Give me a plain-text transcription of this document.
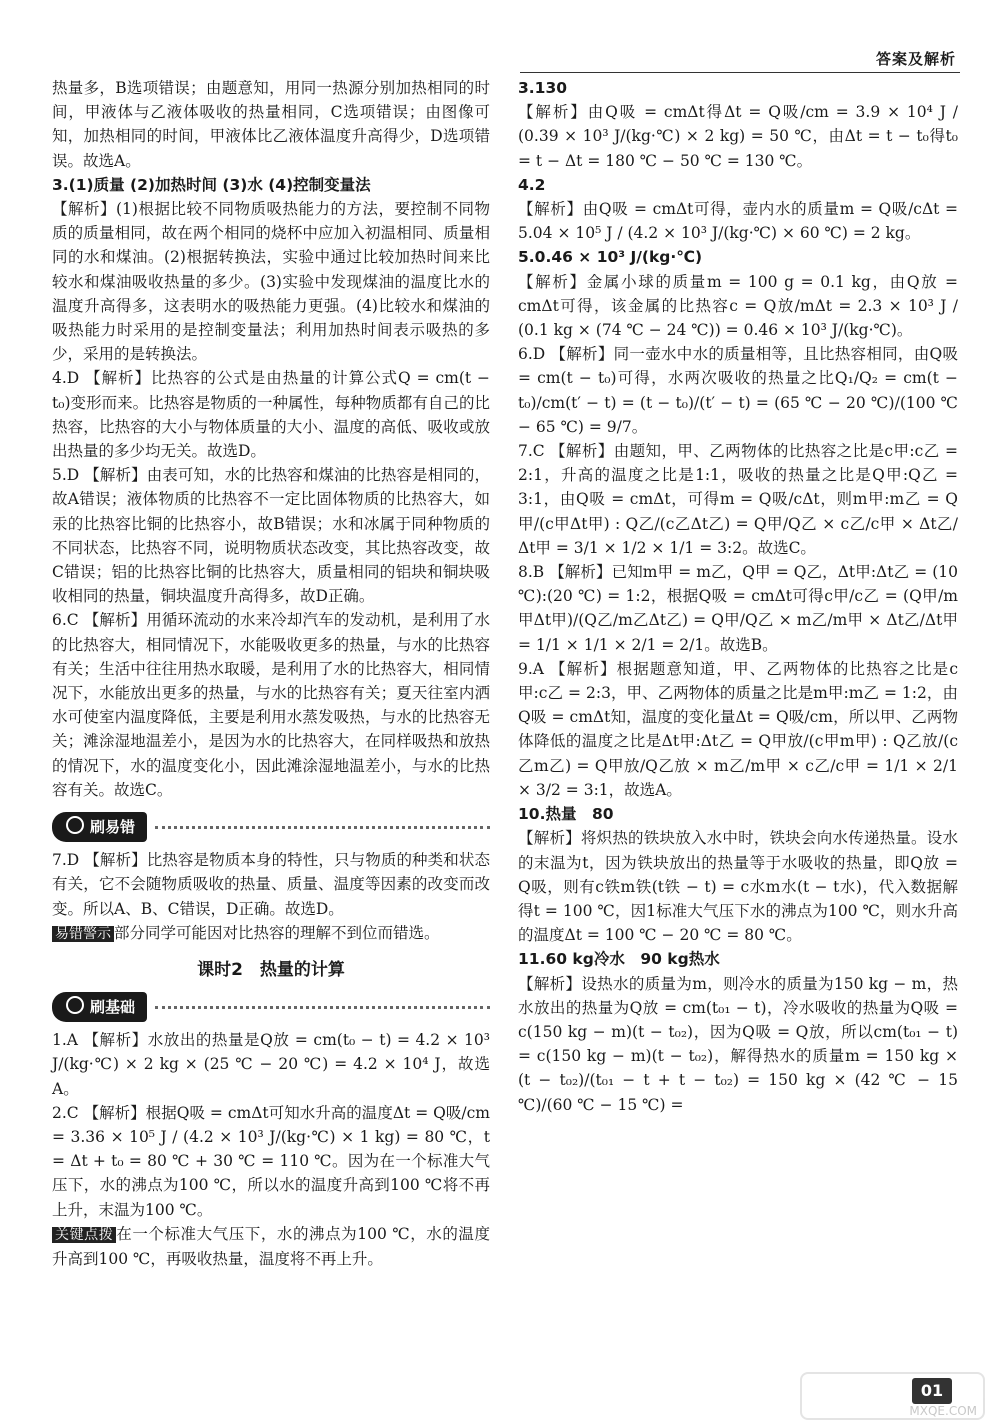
答案及解析

热量多，B选项错误；由题意知，用同一热源分别加热相同的时间，甲液体与乙液体吸收的热量相同，C选项错误；由图像可知，加热相同的时间，甲液体比乙液体温度升高得少，D选项错误。故选A。

3.(1)质量 (2)加热时间 (3)水 (4)控制变量法

【解析】(1)根据比较不同物质吸热能力的方法，要控制不同物质的质量相同，故在两个相同的烧杯中应加入初温相同、质量相同的水和煤油。(2)根据转换法，实验中通过比较加热时间来比较水和煤油吸收热量的多少。(3)实验中发现煤油的温度比水的温度升高得多，这表明水的吸热能力更强。(4)比较水和煤油的吸热能力时采用的是控制变量法；利用加热时间表示吸热的多少，采用的是转换法。

4.D 【解析】比热容的公式是由热量的计算公式Q = cm(t − t₀)变形而来。比热容是物质的一种属性，每种物质都有自己的比热容，比热容的大小与物体质量的大小、温度的高低、吸收或放出热量的多少均无关。故选D。

5.D 【解析】由表可知，水的比热容和煤油的比热容是相同的，故A错误；液体物质的比热容不一定比固体物质的比热容大，如汞的比热容比铜的比热容小，故B错误；水和冰属于同种物质的不同状态，比热容不同，说明物质状态改变，其比热容改变，故C错误；铝的比热容比铜的比热容大，质量相同的铝块和铜块吸收相同的热量，铜块温度升高得多，故D正确。

6.C 【解析】用循环流动的水来冷却汽车的发动机，是利用了水的比热容大，相同情况下，水能吸收更多的热量，与水的比热容有关；生活中往往用热水取暖，是利用了水的比热容大，相同情况下，水能放出更多的热量，与水的比热容有关；夏天往室内洒水可使室内温度降低，主要是利用水蒸发吸热，与水的比热容无关；滩涂湿地温差小，是因为水的比热容大，在同样吸热和放热的情况下，水的温度变化小，因此滩涂湿地温差小，与水的比热容有关。故选C。

刷易错

7.D 【解析】比热容是物质本身的特性，只与物质的种类和状态有关，它不会随物质吸收的热量、质量、温度等因素的改变而改变。所以A、B、C错误，D正确。故选D。

易错警示 部分同学可能因对比热容的理解不到位而错选。

课时2　热量的计算
刷基础

1.A 【解析】水放出的热量是Q放 = cm(t₀ − t) = 4.2 × 10³ J/(kg·℃) × 2 kg × (25 ℃ − 20 ℃) = 4.2 × 10⁴ J，故选A。

2.C 【解析】根据Q吸 = cmΔt可知水升高的温度Δt = Q吸/cm = 3.36 × 10⁵ J / (4.2 × 10³ J/(kg·℃) × 1 kg) = 80 ℃，t = Δt + t₀ = 80 ℃ + 30 ℃ = 110 ℃。因为在一个标准大气压下，水的沸点为100 ℃，所以水的温度升高到100 ℃将不再上升，末温为100 ℃。

关键点拨 在一个标准大气压下，水的沸点为100 ℃，水的温度升高到100 ℃，再吸收热量，温度将不再上升。

3.130

【解析】由Q吸 = cmΔt得Δt = Q吸/cm = 3.9 × 10⁴ J / (0.39 × 10³ J/(kg·℃) × 2 kg) = 50 ℃，由Δt = t − t₀得t₀ = t − Δt = 180 ℃ − 50 ℃ = 130 ℃。

4.2

【解析】由Q吸 = cmΔt可得，壶内水的质量m = Q吸/cΔt = 5.04 × 10⁵ J / (4.2 × 10³ J/(kg·℃) × 60 ℃) = 2 kg。

5.0.46 × 10³ J/(kg·℃)

【解析】金属小球的质量m = 100 g = 0.1 kg，由Q放 = cmΔt可得，该金属的比热容c = Q放/mΔt = 2.3 × 10³ J / (0.1 kg × (74 ℃ − 24 ℃)) = 0.46 × 10³ J/(kg·℃)。

6.D 【解析】同一壶水中水的质量相等，且比热容相同，由Q吸 = cm(t − t₀)可得，水两次吸收的热量之比Q₁/Q₂ = cm(t − t₀)/cm(t′ − t) = (t − t₀)/(t′ − t) = (65 ℃ − 20 ℃)/(100 ℃ − 65 ℃) = 9/7。

7.C 【解析】由题知，甲、乙两物体的比热容之比是c甲:c乙 = 2:1，升高的温度之比是1:1，吸收的热量之比是Q甲:Q乙 = 3:1，由Q吸 = cmΔt，可得m = Q吸/cΔt，则m甲:m乙 = Q甲/(c甲Δt甲) : Q乙/(c乙Δt乙) = Q甲/Q乙 × c乙/c甲 × Δt乙/Δt甲 = 3/1 × 1/2 × 1/1 = 3:2。故选C。

8.B 【解析】已知m甲 = m乙，Q甲 = Q乙，Δt甲:Δt乙 = (10 ℃):(20 ℃) = 1:2，根据Q吸 = cmΔt可得c甲/c乙 = (Q甲/m甲Δt甲)/(Q乙/m乙Δt乙) = Q甲/Q乙 × m乙/m甲 × Δt乙/Δt甲 = 1/1 × 1/1 × 2/1 = 2/1。故选B。

9.A 【解析】根据题意知道，甲、乙两物体的比热容之比是c甲:c乙 = 2:3，甲、乙两物体的质量之比是m甲:m乙 = 1:2，由Q吸 = cmΔt知，温度的变化量Δt = Q吸/cm，所以甲、乙两物体降低的温度之比是Δt甲:Δt乙 = Q甲放/(c甲m甲) : Q乙放/(c乙m乙) = Q甲放/Q乙放 × m乙/m甲 × c乙/c甲 = 1/1 × 2/1 × 3/2 = 3:1，故选A。

10.热量　80

【解析】将炽热的铁块放入水中时，铁块会向水传递热量。设水的末温为t，因为铁块放出的热量等于水吸收的热量，即Q放 = Q吸，则有c铁m铁(t铁 − t) = c水m水(t − t水)，代入数据解得t = 100 ℃，因1标准大气压下水的沸点为100 ℃，则水升高的温度Δt = 100 ℃ − 20 ℃ = 80 ℃。

11.60 kg冷水　90 kg热水

【解析】设热水的质量为m，则冷水的质量为150 kg − m，热水放出的热量为Q放 = cm(t₀₁ − t)，冷水吸收的热量为Q吸 = c(150 kg − m)(t − t₀₂)，因为Q吸 = Q放，所以cm(t₀₁ − t) = c(150 kg − m)(t − t₀₂)，解得热水的质量m = 150 kg × (t − t₀₂)/(t₀₁ − t + t − t₀₂) = 150 kg × (42 ℃ − 15 ℃)/(60 ℃ − 15 ℃) =

MXQE.COM
01
